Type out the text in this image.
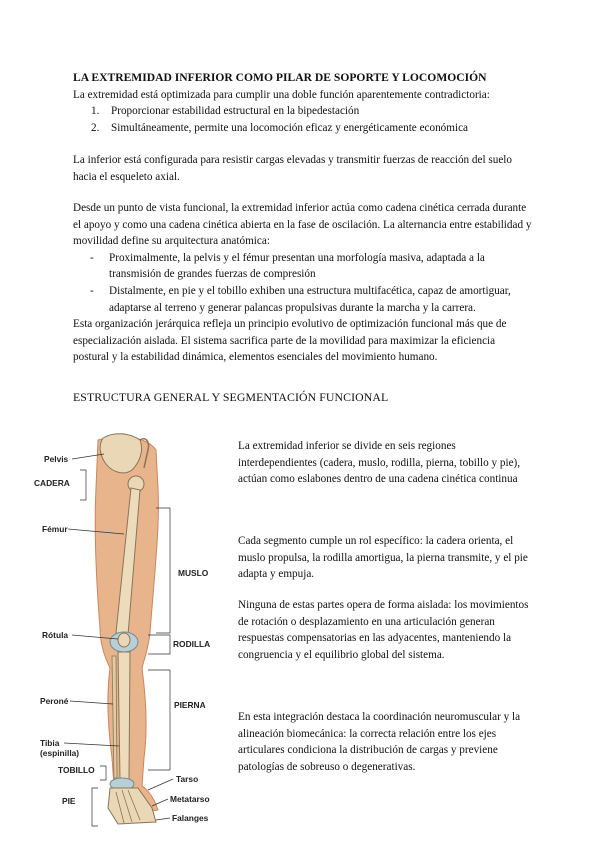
LA EXTREMIDAD INFERIOR COMO PILAR DE SOPORTE Y LOCOMOCIÓN
La extremidad está optimizada para cumplir una doble función aparentemente contradictoria:
1. Proporcionar estabilidad estructural en la bipedestación
2. Simultáneamente, permite una locomoción eficaz y energéticamente económica
La inferior está configurada para resistir cargas elevadas y transmitir fuerzas de reacción del suelo hacia el esqueleto axial.
Desde un punto de vista funcional, la extremidad inferior actúa como cadena cinética cerrada durante el apoyo y como una cadena cinética abierta en la fase de oscilación. La alternancia entre estabilidad y movilidad define su arquitectura anatómica:
- Proximalmente, la pelvis y el fémur presentan una morfología masiva, adaptada a la transmisión de grandes fuerzas de compresión
- Distalmente, en pie y el tobillo exhiben una estructura multifacética, capaz de amortiguar, adaptarse al terreno y generar palancas propulsivas durante la marcha y la carrera.
Esta organización jerárquica refleja un principio evolutivo de optimización funcional más que de especialización aislada. El sistema sacrifica parte de la movilidad para maximizar la eficiencia postural y la estabilidad dinámica, elementos esenciales del movimiento humano.
ESTRUCTURA GENERAL Y SEGMENTACIÓN FUNCIONAL
Pelvis
CADERA
Fémur
Rótula
Peroné
Tibia
(espinilla)
TOBILLO
PIE
MUSLO
RODILLA
PIERNA
Tarso
Metatarso
Falanges
La extremidad inferior se divide en seis regiones interdependientes (cadera, muslo, rodilla, pierna, tobillo y pie), actúan como eslabones dentro de una cadena cinética continua
Cada segmento cumple un rol específico: la cadera orienta, el muslo propulsa, la rodilla amortigua, la pierna transmite, y el pie adapta y empuja.
Ninguna de estas partes opera de forma aislada: los movimientos de rotación o desplazamiento en una articulación generan respuestas compensatorias en las adyacentes, manteniendo la congruencia y el equilibrio global del sistema.
En esta integración destaca la coordinación neuromuscular y la alineación biomecánica: la correcta relación entre los ejes articulares condiciona la distribución de cargas y previene patologías de sobreuso o degenerativas.
